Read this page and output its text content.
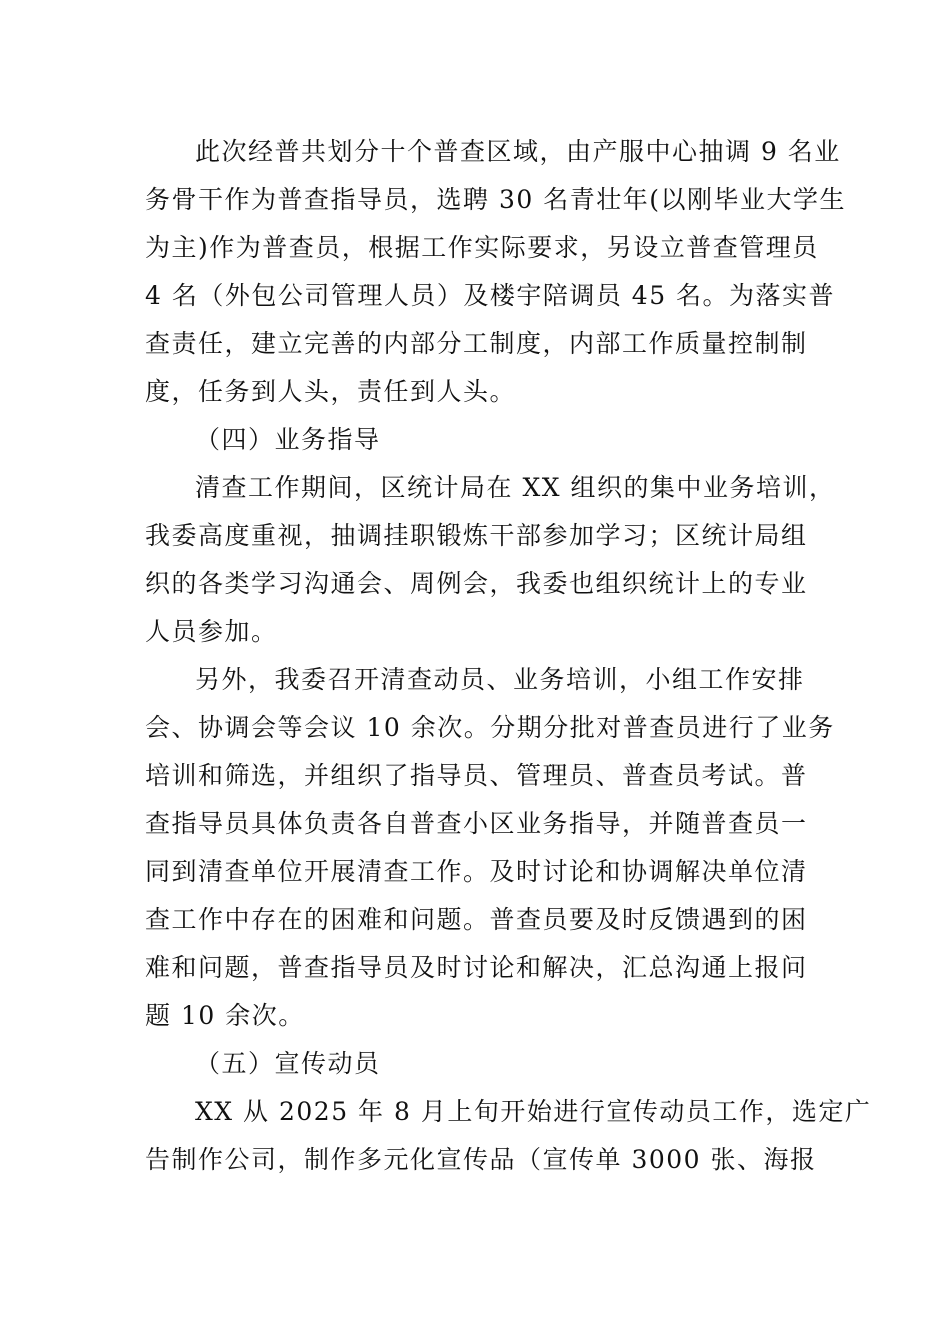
此次经普共划分十个普查区域，由产服中心抽调 9 名业
务骨干作为普查指导员，选聘 30 名青壮年(以刚毕业大学生
为主)作为普查员，根据工作实际要求，另设立普查管理员
4 名（外包公司管理人员）及楼宇陪调员 45 名。为落实普
查责任，建立完善的内部分工制度，内部工作质量控制制
度，任务到人头，责任到人头。
（四）业务指导
清查工作期间，区统计局在 XX 组织的集中业务培训，
我委高度重视，抽调挂职锻炼干部参加学习；区统计局组
织的各类学习沟通会、周例会，我委也组织统计上的专业
人员参加。
另外，我委召开清查动员、业务培训，小组工作安排
会、协调会等会议 10 余次。分期分批对普查员进行了业务
培训和筛选，并组织了指导员、管理员、普查员考试。普
查指导员具体负责各自普查小区业务指导，并随普查员一
同到清查单位开展清查工作。及时讨论和协调解决单位清
查工作中存在的困难和问题。普查员要及时反馈遇到的困
难和问题，普查指导员及时讨论和解决，汇总沟通上报问
题 10 余次。
（五）宣传动员
XX 从 2025 年 8 月上旬开始进行宣传动员工作，选定广
告制作公司，制作多元化宣传品（宣传单 3000 张、海报
